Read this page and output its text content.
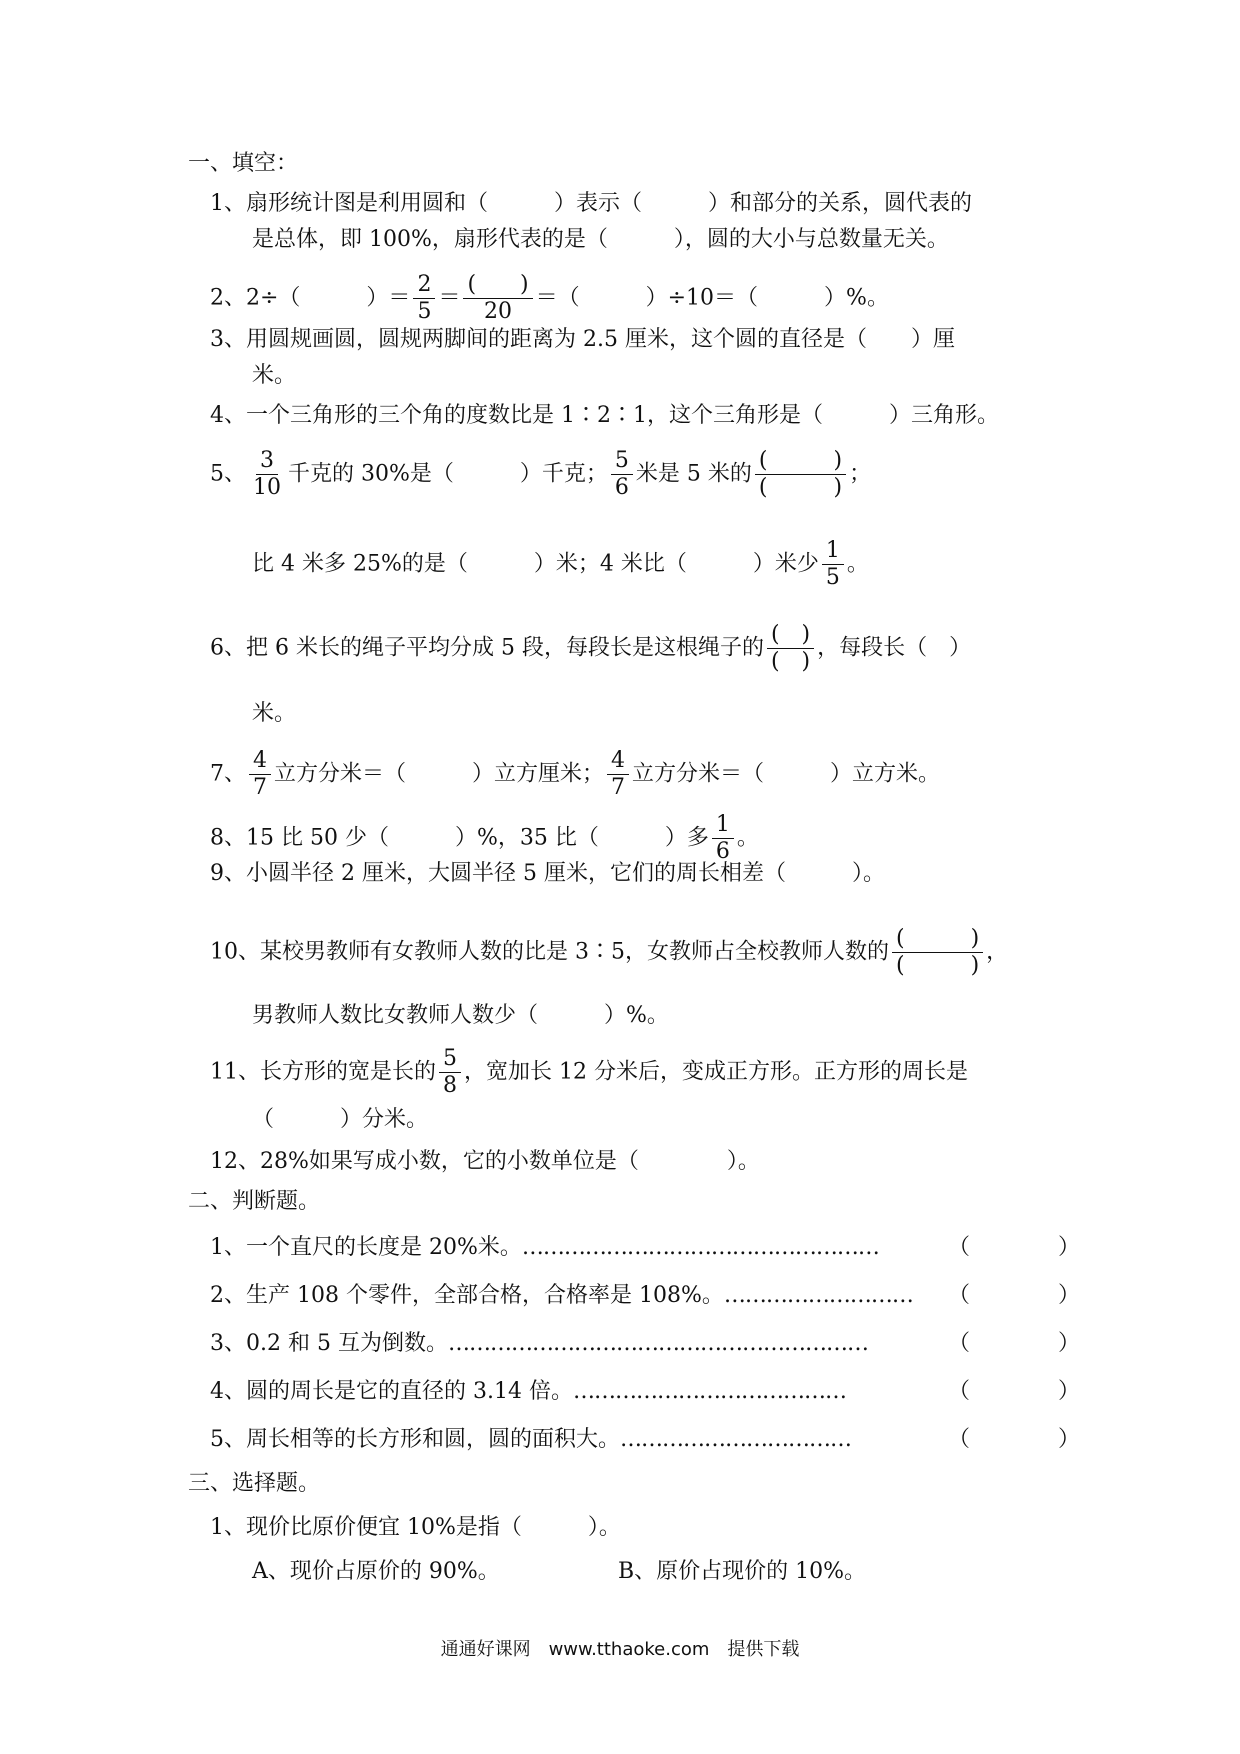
一、填空：
1、扇形统计图是利用圆和（　　　）表示（　　　）和部分的关系，圆代表的
是总体，即 100%，扇形代表的是（　　　），圆的大小与总数量无关。
2、2÷（　　　）＝ $\frac{2}{5} = \frac{( )}{20}$ ＝（　　　）÷10＝（　　　）%。
3、用圆规画圆，圆规两脚间的距离为 2.5 厘米，这个圆的直径是（　　）厘
米。
4、一个三角形的三个角的度数比是 1∶2∶1，这个三角形是（　　　）三角形。
5、 $\frac{3}{10}$ 千克的 30%是（　　　）千克； $\frac{5}{6}$ 米是 5 米的 $\frac{( )}{( )}$ ；
比 4 米多 25%的是（　　　）米；4 米比（　　　）米少 $\frac{1}{5}$ 。
6、把 6 米长的绳子平均分成 5 段，每段长是这根绳子的 $\frac{( )}{( )}$ ，每段长（　）
米。
7、 $\frac{4}{7}$ 立方分米＝（　　　）立方厘米； $\frac{4}{7}$ 立方分米＝（　　　）立方米。
8、15 比 50 少（　　　）%，35 比（　　　）多 $\frac{1}{6}$ 。
9、小圆半径 2 厘米，大圆半径 5 厘米，它们的周长相差（　　　）。
10、某校男教师有女教师人数的比是 3∶5，女教师占全校教师人数的 $\frac{( )}{( )}$ ，
男教师人数比女教师人数少（　　　）%。
11、长方形的宽是长的 $\frac{5}{8}$ ，宽加长 12 分米后，变成正方形。正方形的周长是
（　　　）分米。
12、28%如果写成小数，它的小数单位是（　　　　）。
二、判断题。
1、一个直尺的长度是 20%米。……………………………………………	（　　　　）
2、生产 108 个零件，全部合格，合格率是 108%。……………………… （　　　　）
3、0.2 和 5 互为倒数。……………………………………………………	（　　　　）
4、圆的周长是它的直径的 3.14 倍。…………………………………	（　　　　）
5、周长相等的长方形和圆，圆的面积大。……………………………	（　　　　）
三、选择题。
1、现价比原价便宜 10%是指（　　　）。
A、现价占原价的 90%。	B、原价占现价的 10%。
通通好课网　www.tthaoke.com　提供下载
